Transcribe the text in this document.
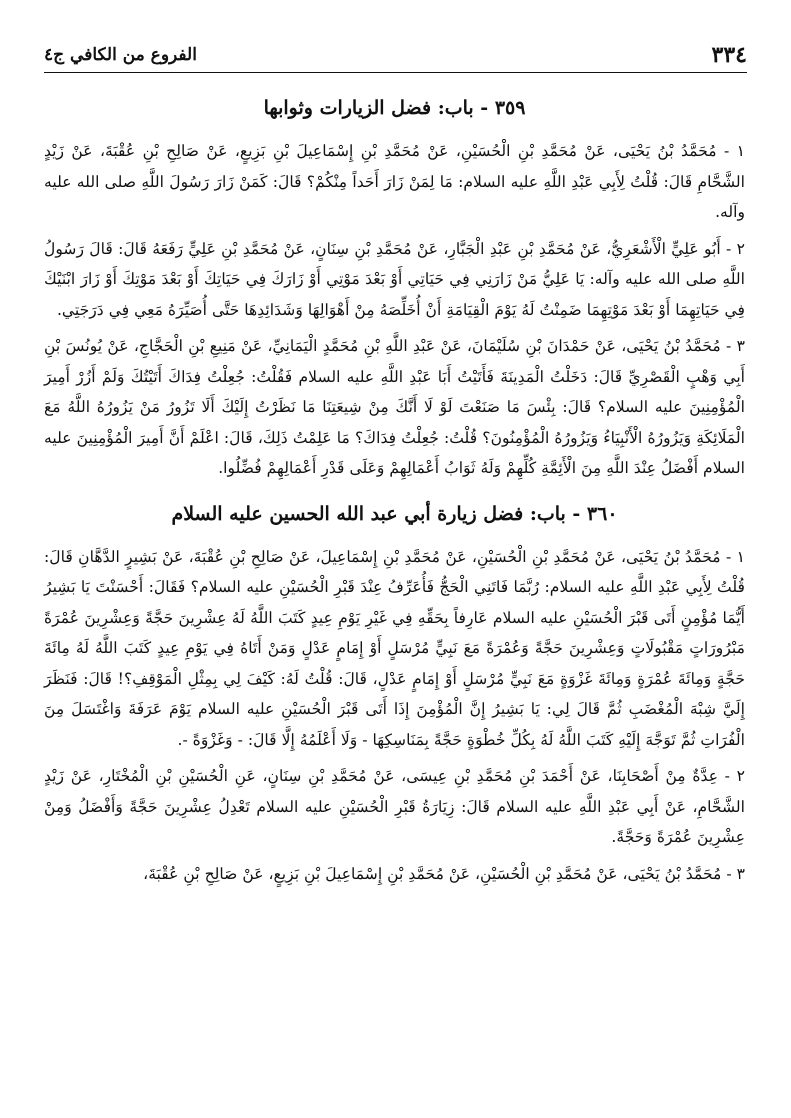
٣٣٤
الفروع من الكافي ج٤
٣٥٩ - باب: فضل الزيارات وثوابها

١ - مُحَمَّدُ بْنُ يَحْيَى، عَنْ مُحَمَّدِ بْنِ الْحُسَيْنِ، عَنْ مُحَمَّدِ بْنِ إِسْمَاعِيلَ بْنِ بَزِيعٍ، عَنْ صَالِحِ بْنِ عُقْبَةَ، عَنْ زَيْدٍ الشَّحَّامِ قَالَ: قُلْتُ لِأَبِي عَبْدِ اللَّهِ عليه السلام: مَا لِمَنْ زَارَ أَحَداً مِنْكُمْ؟ قَالَ: كَمَنْ زَارَ رَسُولَ اللَّهِ صلى الله عليه وآله.

٢ - أَبُو عَلِيٍّ الْأَشْعَرِيُّ، عَنْ مُحَمَّدِ بْنِ عَبْدِ الْجَبَّارِ، عَنْ مُحَمَّدِ بْنِ سِنَانٍ، عَنْ مُحَمَّدِ بْنِ عَلِيٍّ رَفَعَهُ قَالَ: قَالَ رَسُولُ اللَّهِ صلى الله عليه وآله: يَا عَلِيُّ مَنْ زَارَنِي فِي حَيَاتِي أَوْ بَعْدَ مَوْتِي أَوْ زَارَكَ فِي حَيَاتِكَ أَوْ بَعْدَ مَوْتِكَ أَوْ زَارَ ابْنَيْكَ فِي حَيَاتِهِمَا أَوْ بَعْدَ مَوْتِهِمَا ضَمِنْتُ لَهُ يَوْمَ الْقِيَامَةِ أَنْ أُخَلِّصَهُ مِنْ أَهْوَالِهَا وَشَدَائِدِهَا حَتَّى أُصَيِّرَهُ مَعِي فِي دَرَجَتِي.

٣ - مُحَمَّدُ بْنُ يَحْيَى، عَنْ حَمْدَانَ بْنِ سُلَيْمَانَ، عَنْ عَبْدِ اللَّهِ بْنِ مُحَمَّدٍ الْيَمَانِيِّ، عَنْ مَنِيعِ بْنِ الْحَجَّاجِ، عَنْ يُونُسَ بْنِ أَبِي وَهْبٍ الْقَصْرِيِّ قَالَ: دَخَلْتُ الْمَدِينَةَ فَأَتَيْتُ أَبَا عَبْدِ اللَّهِ عليه السلام فَقُلْتُ: جُعِلْتُ فِدَاكَ أَتَيْتُكَ وَلَمْ أَزُرْ أَمِيرَ الْمُؤْمِنِينَ عليه السلام؟ قَالَ: بِئْسَ مَا صَنَعْتَ لَوْ لَا أَنَّكَ مِنْ شِيعَتِنَا مَا نَظَرْتُ إِلَيْكَ أَلَا تَزُورُ مَنْ يَزُورُهُ اللَّهُ مَعَ الْمَلَائِكَةِ وَيَزُورُهُ الْأَنْبِيَاءُ وَيَزُورُهُ الْمُؤْمِنُونَ؟ قُلْتُ: جُعِلْتُ فِدَاكَ؟ مَا عَلِمْتُ ذَلِكَ، قَالَ: اعْلَمْ أَنَّ أَمِيرَ الْمُؤْمِنِينَ عليه السلام أَفْضَلُ عِنْدَ اللَّهِ مِنَ الْأَئِمَّةِ كُلِّهِمْ وَلَهُ ثَوَابُ أَعْمَالِهِمْ وَعَلَى قَدْرِ أَعْمَالِهِمْ فُضِّلُوا.

٣٦٠ - باب: فضل زيارة أبي عبد الله الحسين عليه السلام

١ - مُحَمَّدُ بْنُ يَحْيَى، عَنْ مُحَمَّدِ بْنِ الْحُسَيْنِ، عَنْ مُحَمَّدِ بْنِ إِسْمَاعِيلَ، عَنْ صَالِحِ بْنِ عُقْبَةَ، عَنْ بَشِيرٍ الدَّهَّانِ قَالَ: قُلْتُ لِأَبِي عَبْدِ اللَّهِ عليه السلام: رُبَّمَا فَاتَنِي الْحَجُّ فَأُعَرِّفُ عِنْدَ قَبْرِ الْحُسَيْنِ عليه السلام؟ فَقَالَ: أَحْسَنْتَ يَا بَشِيرُ أَيُّمَا مُؤْمِنٍ أَتَى قَبْرَ الْحُسَيْنِ عليه السلام عَارِفاً بِحَقِّهِ فِي غَيْرِ يَوْمِ عِيدٍ كَتَبَ اللَّهُ لَهُ عِشْرِينَ حَجَّةً وَعِشْرِينَ عُمْرَةً مَبْرُورَاتٍ مَقْبُولَاتٍ وَعِشْرِينَ حَجَّةً وَعُمْرَةً مَعَ نَبِيٍّ مُرْسَلٍ أَوْ إِمَامٍ عَدْلٍ وَمَنْ أَتَاهُ فِي يَوْمِ عِيدٍ كَتَبَ اللَّهُ لَهُ مِائَةَ حَجَّةٍ وَمِائَةَ عُمْرَةٍ وَمِائَةَ غَزْوَةٍ مَعَ نَبِيٍّ مُرْسَلٍ أَوْ إِمَامٍ عَدْلٍ، قَالَ: قُلْتُ لَهُ: كَيْفَ لِي بِمِثْلِ الْمَوْقِفِ؟! قَالَ: فَنَظَرَ إِلَيَّ شِبْهَ الْمُغْضَبِ ثُمَّ قَالَ لِي: يَا بَشِيرُ إِنَّ الْمُؤْمِنَ إِذَا أَتَى قَبْرَ الْحُسَيْنِ عليه السلام يَوْمَ عَرَفَةَ وَاغْتَسَلَ مِنَ الْفُرَاتِ ثُمَّ تَوَجَّهَ إِلَيْهِ كَتَبَ اللَّهُ لَهُ بِكُلِّ خُطْوَةٍ حَجَّةً بِمَنَاسِكِهَا - وَلَا أَعْلَمُهُ إِلَّا قَالَ: - وَغَزْوَةً -.

٢ - عِدَّةٌ مِنْ أَصْحَابِنَا، عَنْ أَحْمَدَ بْنِ مُحَمَّدِ بْنِ عِيسَى، عَنْ مُحَمَّدِ بْنِ سِنَانٍ، عَنِ الْحُسَيْنِ بْنِ الْمُخْتَارِ، عَنْ زَيْدٍ الشَّحَّامِ، عَنْ أَبِي عَبْدِ اللَّهِ عليه السلام قَالَ: زِيَارَةُ قَبْرِ الْحُسَيْنِ عليه السلام تَعْدِلُ عِشْرِينَ حَجَّةً وَأَفْضَلُ وَمِنْ عِشْرِينَ عُمْرَةً وَحَجَّةً.

٣ - مُحَمَّدُ بْنُ يَحْيَى، عَنْ مُحَمَّدِ بْنِ الْحُسَيْنِ، عَنْ مُحَمَّدِ بْنِ إِسْمَاعِيلَ بْنِ بَزِيعٍ، عَنْ صَالِحِ بْنِ عُقْبَةَ،
